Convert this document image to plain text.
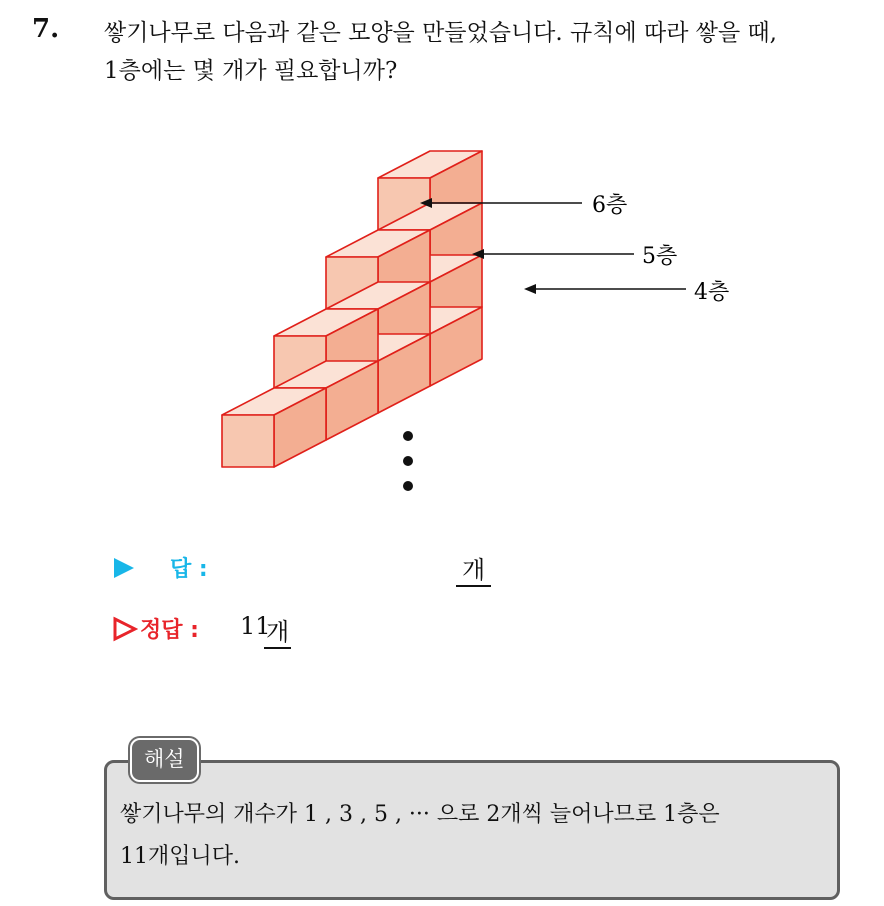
7. 쌓기나무로 다음과 같은 모양을 만들었습니다. 규칙에 따라 쌓을 때,
1층에는 몇 개가 필요합니까?
6층
5층
4층
답 :	개
정답 : 11
개
해설
쌓기나무의 개수가 1 , 3 , 5 , ··· 으로 2개씩 늘어나므로 1층은
11개입니다.
